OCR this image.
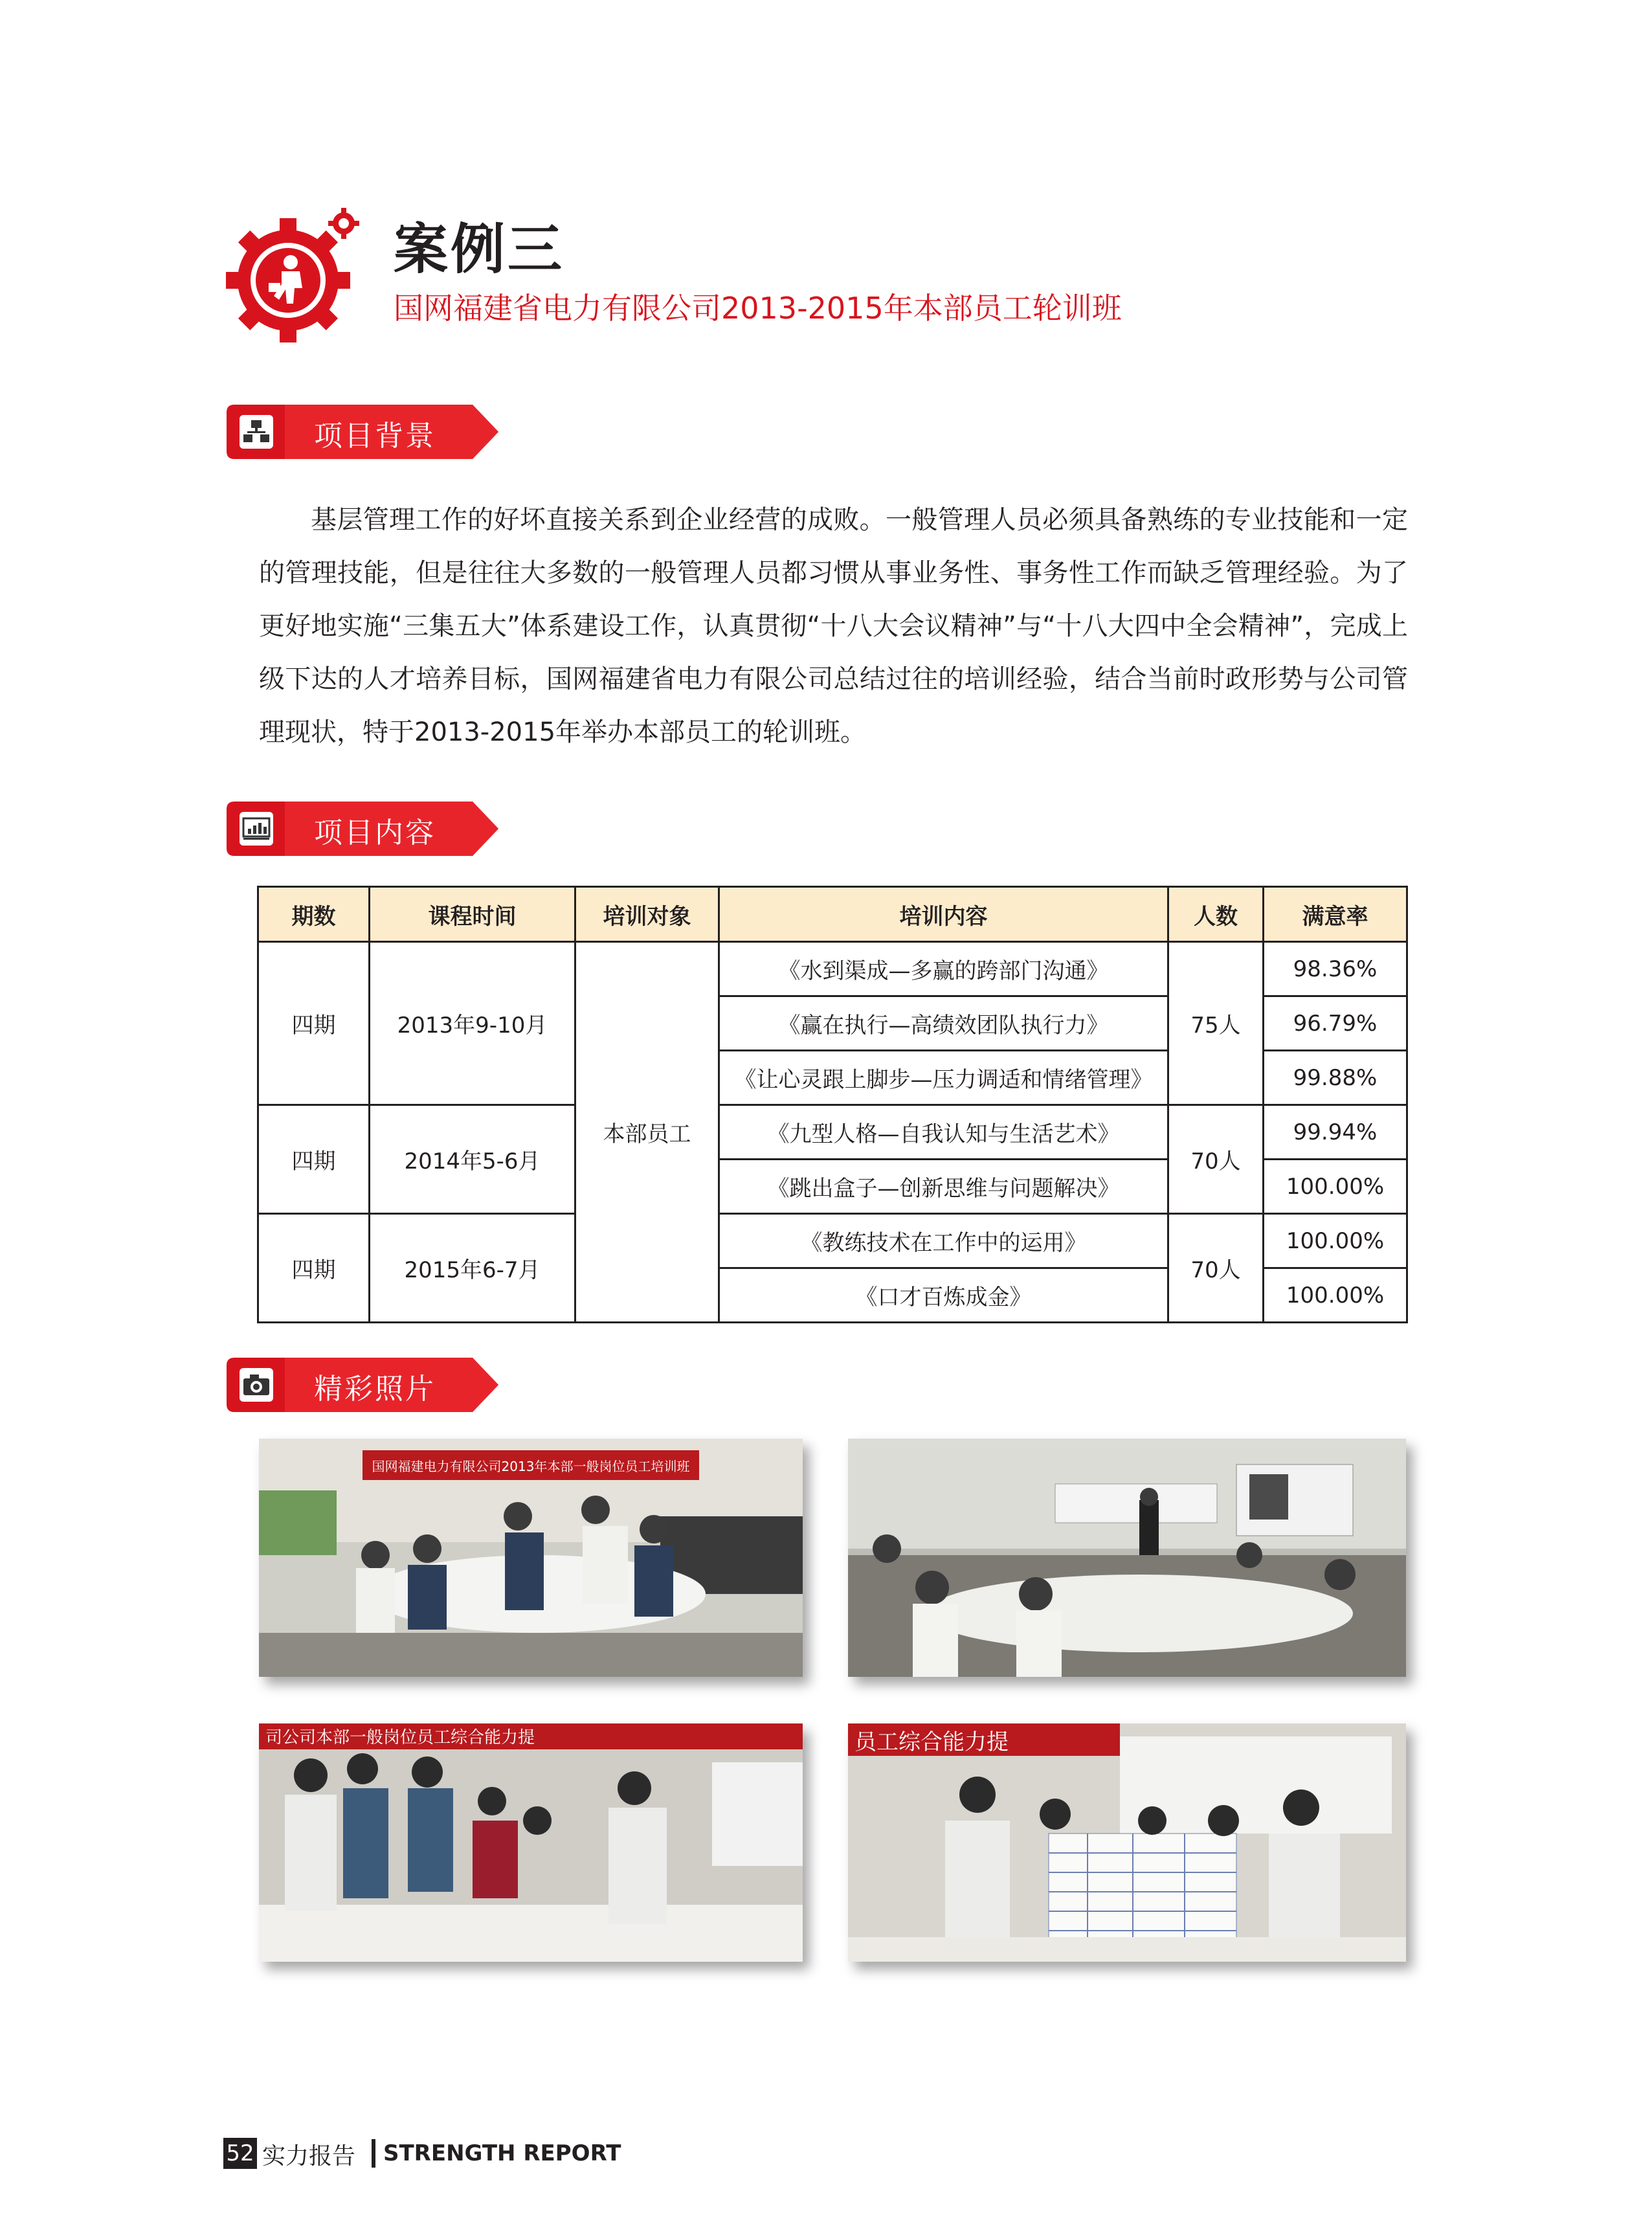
案例三
国网福建省电力有限公司2013-2015年本部员工轮训班
项目背景

基层管理工作的好坏直接关系到企业经营的成败。一般管理人员必须具备熟练的专业技能和一定的管理技能，但是往往大多数的一般管理人员都习惯从事业务性、事务性工作而缺乏管理经验。为了更好地实施“三集五大”体系建设工作，认真贯彻“十八大会议精神”与“十八大四中全会精神”，完成上级下达的人才培养目标，国网福建省电力有限公司总结过往的培训经验，结合当前时政形势与公司管理现状，特于2013-2015年举办本部员工的轮训班。

项目内容
期数	课程时间	培训对象	培训内容	人数	满意率
四期	2013年9-10月	本部员工	《水到渠成—多赢的跨部门沟通》	75人	98.36%
			《赢在执行—高绩效团队执行力》		96.79%
			《让心灵跟上脚步—压力调适和情绪管理》		99.88%
四期	2014年5-6月		《九型人格—自我认知与生活艺术》	70人	99.94%
			《跳出盒子—创新思维与问题解决》		100.00%
四期	2015年6-7月		《教练技术在工作中的运用》	70人	100.00%
			《口才百炼成金》		100.00%
精彩照片
国网福建电力有限公司2013年本部一般岗位员工培训班
司公司本部一般岗位员工综合能力提	员工综合能力提
52 实力报告 STRENGTH REPORT
